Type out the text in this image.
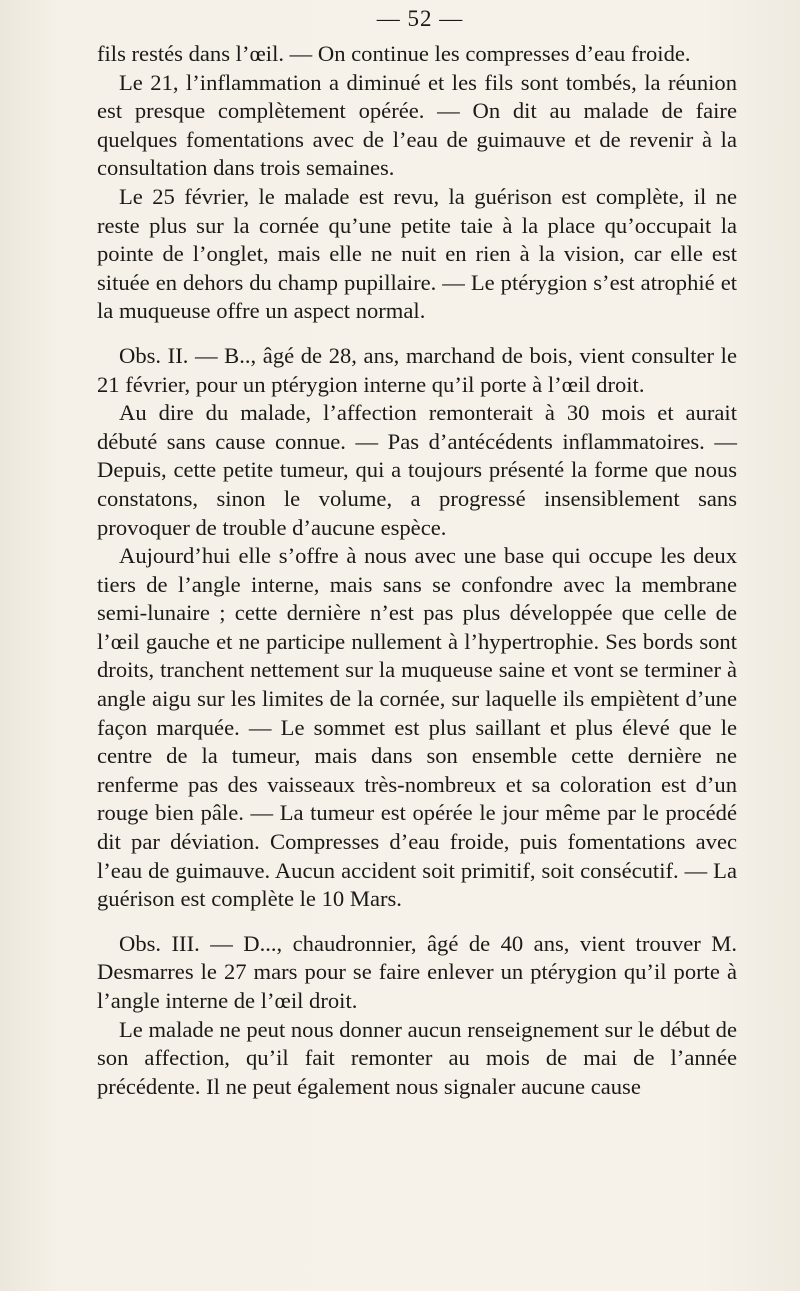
— 52 —

fils restés dans l’œil. — On continue les compresses d’eau froide.

Le 21, l’inflammation a diminué et les fils sont tombés, la réunion est presque complètement opérée. — On dit au malade de faire quelques fomentations avec de l’eau de guimauve et de revenir à la consultation dans trois semaines.

Le 25 février, le malade est revu, la guérison est complète, il ne reste plus sur la cornée qu’une petite taie à la place qu’occupait la pointe de l’onglet, mais elle ne nuit en rien à la vision, car elle est située en dehors du champ pupillaire. — Le ptérygion s’est atrophié et la muqueuse offre un aspect normal.

Obs. II. — B.., âgé de 28, ans, marchand de bois, vient consulter le 21 février, pour un ptérygion interne qu’il porte à l’œil droit.

Au dire du malade, l’affection remonterait à 30 mois et aurait débuté sans cause connue. — Pas d’antécédents inflammatoires. — Depuis, cette petite tumeur, qui a toujours présenté la forme que nous constatons, sinon le volume, a progressé insensiblement sans provoquer de trouble d’aucune espèce.

Aujourd’hui elle s’offre à nous avec une base qui occupe les deux tiers de l’angle interne, mais sans se confondre avec la membrane semi-lunaire ; cette dernière n’est pas plus développée que celle de l’œil gauche et ne participe nullement à l’hypertrophie. Ses bords sont droits, tranchent nettement sur la muqueuse saine et vont se terminer à angle aigu sur les limites de la cornée, sur laquelle ils empiètent d’une façon marquée. — Le sommet est plus saillant et plus élevé que le centre de la tumeur, mais dans son ensemble cette dernière ne renferme pas des vaisseaux très-nombreux et sa coloration est d’un rouge bien pâle. — La tumeur est opérée le jour même par le procédé dit par déviation. Compresses d’eau froide, puis fomentations avec l’eau de guimauve. Aucun accident soit primitif, soit consécutif. — La guérison est complète le 10 Mars.

Obs. III. — D..., chaudronnier, âgé de 40 ans, vient trouver M. Desmarres le 27 mars pour se faire enlever un ptérygion qu’il porte à l’angle interne de l’œil droit.

Le malade ne peut nous donner aucun renseignement sur le début de son affection, qu’il fait remonter au mois de mai de l’année précédente. Il ne peut également nous signaler aucune cause
